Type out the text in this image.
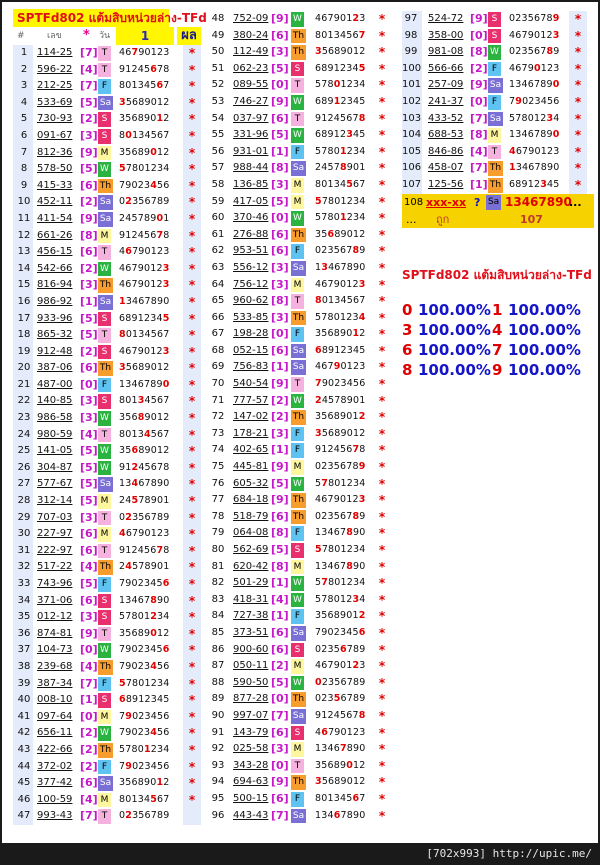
SPTFd802 แต้มสิบหน่วยล่าง-TFd
# เลข * วัน	1	ผล
1 114-25 [7] T	46790123	*
2 596-22 [4] T	91245678	*
3 212-25 [7] F	80134567	*
4 533-69 [5] Sa 35689012	*
5 730-93 [2] S	35689012	*
6 091-67 [3] S	80134567	*
7 812-36 [9] M 35689012	*
8 578-50 [5] W 57801234	*
9 415-33 [6] Th 79023456	*
10 452-11 [2] Sa 02356789	*
11 411-54 [9] Sa 24578901	*
12 661-26 [8] M 91245678	*
13 456-15 [6] T	46790123	*
14 542-66 [2] W 46790123	*
15 816-94 [3] Th 46790123	*
16 986-92 [1] Sa 13467890	*
17 933-96 [5] S	68912345	*
18 865-32 [5] T	80134567	*
19 912-48 [2] S	46790123	*
20 387-06 [6] Th 35689012	*
21 487-00 [0] F	13467890	*
22 140-85 [3] S	80134567	*
23 986-58 [3] W 35689012	*
24 980-59 [4] T	80134567	*
25 141-05 [5] W 35689012	*
26 304-87 [5] W 91245678	*
27 577-67 [5] Sa 13467890	*
28 312-14 [5] M 24578901	*
29 707-03 [3] T	02356789	*
30 227-97 [6] M 46790123	*
31 222-97 [6] T	91245678	*
32 517-22 [4] Th 24578901	*
33 743-96 [5] F	79023456	*
34 371-06 [6] S	13467890	*
35 012-12 [3] S	57801234	*
36 874-81 [9] T	35689012	*
37 104-73 [0] W 79023456	*
38 239-68 [4] Th 79023456	*
39 387-34 [7] F	57801234	*
40 008-10 [1] S	68912345	*
41 097-64 [0] M 79023456	*
42 656-11 [2] W 79023456	*
43 422-66 [2] Th 57801234	*
44 372-02 [2] F	79023456	*
45 377-42 [6] Sa 35689012	*
46 100-59 [4] M 80134567	*
47 993-43 [7] T	02356789
48 752-09 [9] W 46790123	*
49 380-24 [6] Th 80134567	*
50 112-49 [3] Th 35689012	*
51 062-23 [5] S	68912345	*
52 089-55 [0] T	57801234	*
53 746-27 [9] W 68912345	*
54 037-97 [6] T	91245678	*
55 331-96 [5] W 68912345	*
56 931-01 [1] F	57801234	*
57 988-44 [8] Sa 24578901	*
58 136-85 [3] M 80134567	*
59 417-05 [5] M 57801234	*
60 370-46 [0] W 57801234	*
61 276-88 [6] Th 35689012	*
62 953-51 [6] F	02356789	*
63 556-12 [3] Sa 13467890	*
64 756-12 [3] M 46790123	*
65 960-62 [8] T	80134567	*
66 533-85 [3] Th 57801234	*
67 198-28 [0] F	35689012	*
68 052-15 [6] Sa 68912345	*
69 756-83 [1] Sa 46790123	*
70 540-54 [9] T	79023456	*
71 777-57 [2] W 24578901	*
72 147-02 [2] Th 35689012	*
73 178-21 [3] F	35689012	*
74 402-65 [1] F	91245678	*
75 445-81 [9] M 02356789	*
76 605-32 [5] W 57801234	*
77 684-18 [9] Th 46790123	*
78 518-79 [6] Th 02356789	*
79 064-08 [8] F	13467890	*
80 562-69 [5] S	57801234	*
81 620-42 [8] M 13467890	*
82 501-29 [1] W 57801234	*
83 418-31 [4] W 57801234	*
84 727-38 [1] F	35689012	*
85 373-51 [6] Sa 79023456	*
86 900-60 [6] S	02356789	*
87 050-11 [2] M 46790123	*
88 590-50 [5] W 02356789	*
89 877-28 [0] Th 02356789	*
90 997-07 [7] Sa 91245678	*
91 143-79 [6] S	46790123	*
92 025-58 [3] M 13467890	*
93 343-28 [0] T	35689012	*
94 694-63 [9] Th 35689012	*
95 500-15 [6] F	80134567	*
96 443-43 [7] Sa 13467890	*
97 524-72 [9] S	02356789	*
98 358-00 [0] S	46790123	*
99 981-08 [8] W 02356789	*
100 566-66 [2] F	46790123	*
101 257-09 [9] Sa 13467890	*
102 241-37 [0] F	79023456	*
103 433-52 [7] Sa 57801234	*
104 688-53 [8] M 13467890	*
105 846-86 [4] T	46790123	*
106 458-07 [7] Th 13467890	*
107 125-56 [1] Th 68912345	*
108 xxx-xx ? Sa 13467890
...
... ถูก	107
SPTFd802 แต้มสิบหน่วยล่าง-TFd
0 100.00% 1 100.00%
3 100.00% 4 100.00%
6 100.00% 7 100.00%
8 100.00% 9 100.00%
[702x993] http://upic.me/
